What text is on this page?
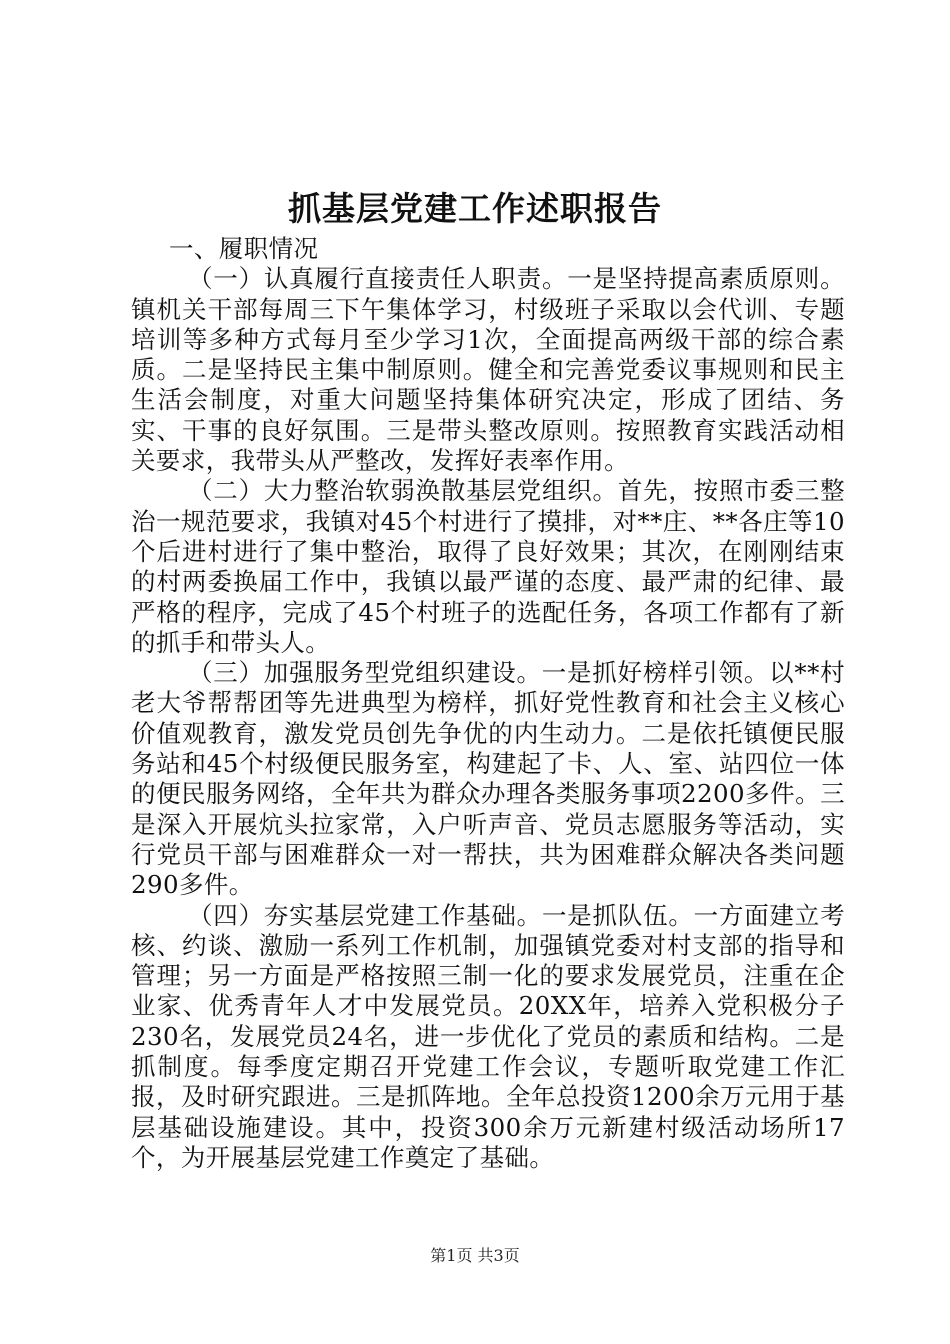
抓基层党建工作述职报告
一、履职情况

（一）认真履行直接责任人职责。一是坚持提高素质原则。镇机关干部每周三下午集体学习，村级班子采取以会代训、专题培训等多种方式每月至少学习1次，全面提高两级干部的综合素质。二是坚持民主集中制原则。健全和完善党委议事规则和民主生活会制度，对重大问题坚持集体研究决定，形成了团结、务实、干事的良好氛围。三是带头整改原则。按照教育实践活动相关要求，我带头从严整改，发挥好表率作用。

（二）大力整治软弱涣散基层党组织。首先，按照市委三整治一规范要求，我镇对45个村进行了摸排，对**庄、**各庄等10个后进村进行了集中整治，取得了良好效果；其次，在刚刚结束的村两委换届工作中，我镇以最严谨的态度、最严肃的纪律、最严格的程序，完成了45个村班子的选配任务，各项工作都有了新的抓手和带头人。

（三）加强服务型党组织建设。一是抓好榜样引领。以**村老大爷帮帮团等先进典型为榜样，抓好党性教育和社会主义核心价值观教育，激发党员创先争优的内生动力。二是依托镇便民服务站和45个村级便民服务室，构建起了卡、人、室、站四位一体的便民服务网络，全年共为群众办理各类服务事项2200多件。三是深入开展炕头拉家常，入户听声音、党员志愿服务等活动，实行党员干部与困难群众一对一帮扶，共为困难群众解决各类问题290多件。

（四）夯实基层党建工作基础。一是抓队伍。一方面建立考核、约谈、激励一系列工作机制，加强镇党委对村支部的指导和管理；另一方面是严格按照三制一化的要求发展党员，注重在企业家、优秀青年人才中发展党员。20XX年，培养入党积极分子230名，发展党员24名，进一步优化了党员的素质和结构。二是抓制度。每季度定期召开党建工作会议，专题听取党建工作汇报，及时研究跟进。三是抓阵地。全年总投资1200余万元用于基层基础设施建设。其中，投资300余万元新建村级活动场所17个，为开展基层党建工作奠定了基础。

第1页 共3页
